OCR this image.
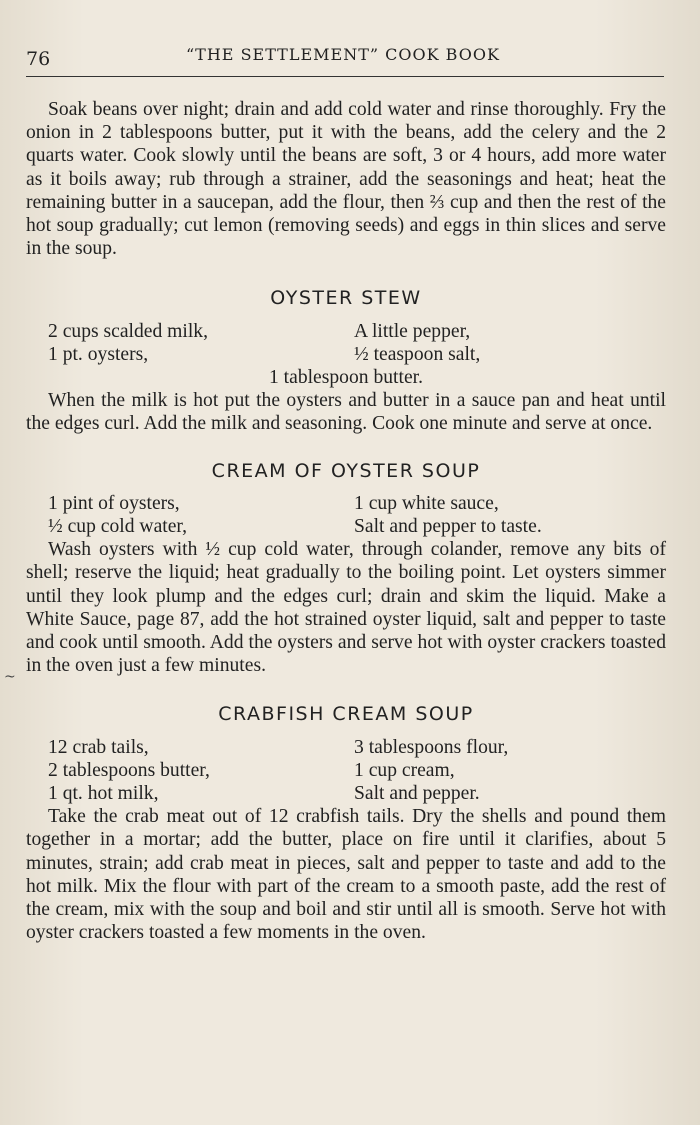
76	“THE SETTLEMENT” COOK BOOK
~

Soak beans over night; drain and add cold water and rinse thoroughly. Fry the onion in 2 tablespoons butter, put it with the beans, add the celery and the 2 quarts water. Cook slowly until the beans are soft, 3 or 4 hours, add more water as it boils away; rub through a strainer, add the seasonings and heat; heat the remaining butter in a saucepan, add the flour, then ⅔ cup and then the rest of the hot soup gradually; cut lemon (removing seeds) and eggs in thin slices and serve in the soup.

OYSTER STEW
2 cups scalded milk,	A little pepper,
1 pt. oysters,	½ teaspoon salt,
1 tablespoon butter.

When the milk is hot put the oysters and butter in a sauce pan and heat until the edges curl. Add the milk and seasoning. Cook one minute and serve at once.

CREAM OF OYSTER SOUP
1 pint of oysters,	1 cup white sauce,
½ cup cold water,	Salt and pepper to taste.

Wash oysters with ½ cup cold water, through colander, remove any bits of shell; reserve the liquid; heat gradually to the boiling point. Let oysters simmer until they look plump and the edges curl; drain and skim the liquid. Make a White Sauce, page 87, add the hot strained oyster liquid, salt and pepper to taste and cook until smooth. Add the oysters and serve hot with oyster crackers toasted in the oven just a few minutes.

CRABFISH CREAM SOUP
12 crab tails,	3 tablespoons flour,
2 tablespoons butter,	1 cup cream,
1 qt. hot milk,	Salt and pepper.

Take the crab meat out of 12 crabfish tails. Dry the shells and pound them together in a mortar; add the butter, place on fire until it clarifies, about 5 minutes, strain; add crab meat in pieces, salt and pepper to taste and add to the hot milk. Mix the flour with part of the cream to a smooth paste, add the rest of the cream, mix with the soup and boil and stir until all is smooth. Serve hot with oyster crackers toasted a few moments in the oven.
